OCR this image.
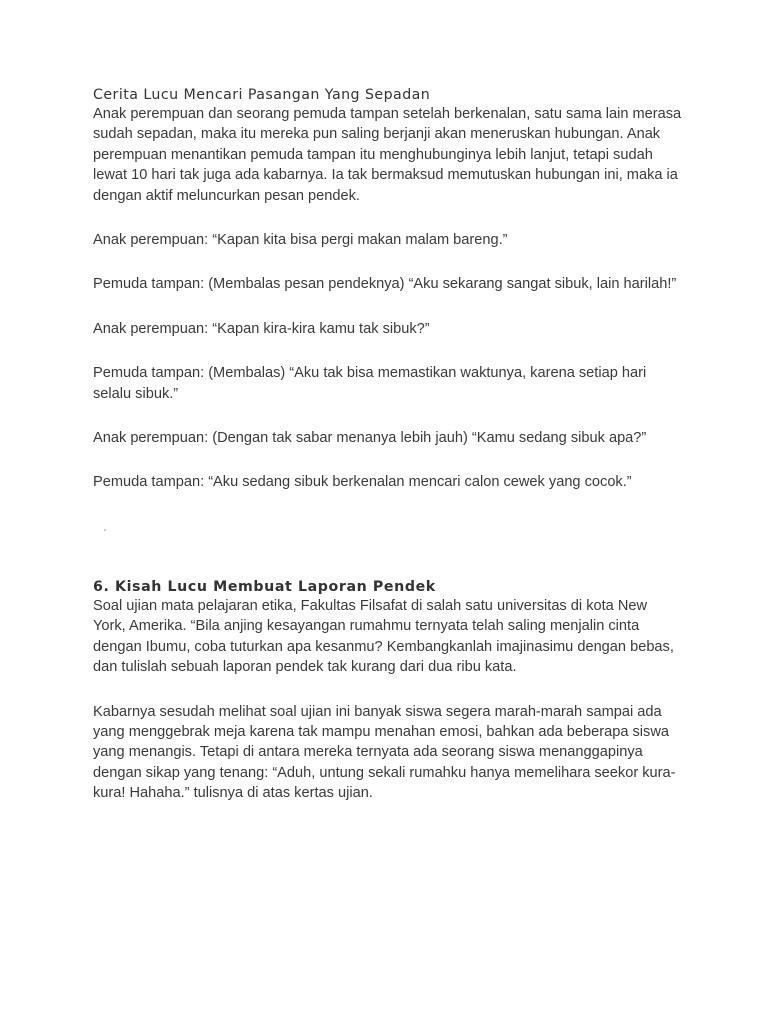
Cerita Lucu Mencari Pasangan Yang Sepadan

Anak perempuan dan seorang pemuda tampan setelah berkenalan, satu sama lain merasa sudah sepadan, maka itu mereka pun saling berjanji akan meneruskan hubungan. Anak perempuan menantikan pemuda tampan itu menghubunginya lebih lanjut, tetapi sudah lewat 10 hari tak juga ada kabarnya. Ia tak bermaksud memutuskan hubungan ini, maka ia dengan aktif meluncurkan pesan pendek.

Anak perempuan: “Kapan kita bisa pergi makan malam bareng.”

Pemuda tampan: (Membalas pesan pendeknya) “Aku sekarang sangat sibuk, lain harilah!”

Anak perempuan: “Kapan kira-kira kamu tak sibuk?”

Pemuda tampan: (Membalas) “Aku tak bisa memastikan waktunya, karena setiap hari selalu sibuk.”

Anak perempuan: (Dengan tak sabar menanya lebih jauh) “Kamu sedang sibuk apa?”

Pemuda tampan: “Aku sedang sibuk berkenalan mencari calon cewek yang cocok.”

6. Kisah Lucu Membuat Laporan Pendek

Soal ujian mata pelajaran etika, Fakultas Filsafat di salah satu universitas di kota New York, Amerika. “Bila anjing kesayangan rumahmu ternyata telah saling menjalin cinta dengan Ibumu, coba tuturkan apa kesanmu? Kembangkanlah imajinasimu dengan bebas, dan tulislah sebuah laporan pendek tak kurang dari dua ribu kata.

Kabarnya sesudah melihat soal ujian ini banyak siswa segera marah-marah sampai ada yang menggebrak meja karena tak mampu menahan emosi, bahkan ada beberapa siswa yang menangis. Tetapi di antara mereka ternyata ada seorang siswa menanggapinya dengan sikap yang tenang: “Aduh, untung sekali rumahku hanya memelihara seekor kura-kura! Hahaha.” tulisnya di atas kertas ujian.
